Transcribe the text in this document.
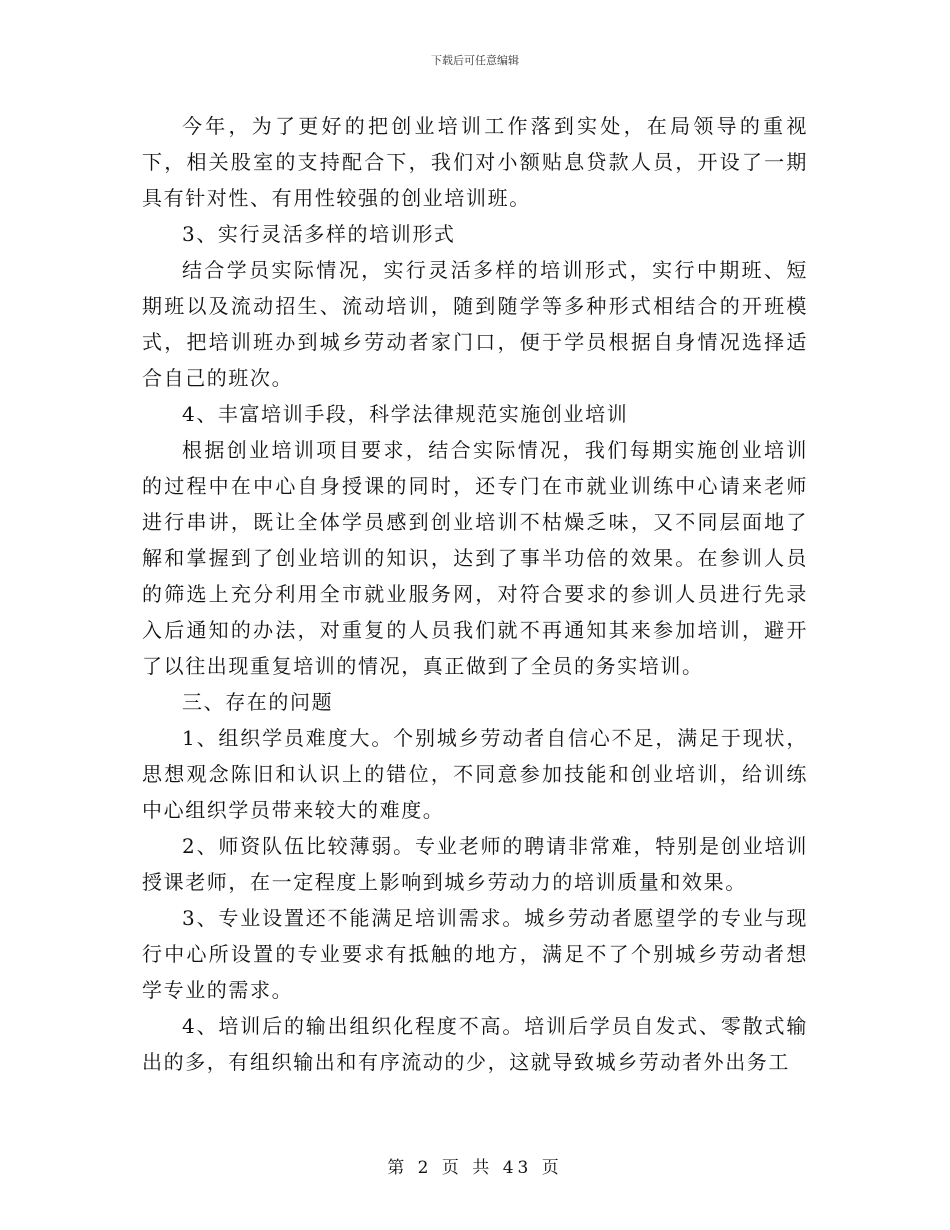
下载后可任意编辑

今年，为了更好的把创业培训工作落到实处，在局领导的重视下，相关股室的支持配合下，我们对小额贴息贷款人员，开设了一期具有针对性、有用性较强的创业培训班。

3、实行灵活多样的培训形式

结合学员实际情况，实行灵活多样的培训形式，实行中期班、短期班以及流动招生、流动培训，随到随学等多种形式相结合的开班模式，把培训班办到城乡劳动者家门口，便于学员根据自身情况选择适合自己的班次。

4、丰富培训手段，科学法律规范实施创业培训

根据创业培训项目要求，结合实际情况，我们每期实施创业培训的过程中在中心自身授课的同时，还专门在市就业训练中心请来老师进行串讲，既让全体学员感到创业培训不枯燥乏味，又不同层面地了解和掌握到了创业培训的知识，达到了事半功倍的效果。在参训人员的筛选上充分利用全市就业服务网，对符合要求的参训人员进行先录入后通知的办法，对重复的人员我们就不再通知其来参加培训，避开了以往出现重复培训的情况，真正做到了全员的务实培训。

三、存在的问题

1、组织学员难度大。个别城乡劳动者自信心不足，满足于现状，思想观念陈旧和认识上的错位，不同意参加技能和创业培训，给训练中心组织学员带来较大的难度。

2、师资队伍比较薄弱。专业老师的聘请非常难，特别是创业培训授课老师，在一定程度上影响到城乡劳动力的培训质量和效果。

3、专业设置还不能满足培训需求。城乡劳动者愿望学的专业与现行中心所设置的专业要求有抵触的地方，满足不了个别城乡劳动者想学专业的需求。

4、培训后的输出组织化程度不高。培训后学员自发式、零散式输出的多，有组织输出和有序流动的少，这就导致城乡劳动者外出务工

第 2 页 共 43 页
